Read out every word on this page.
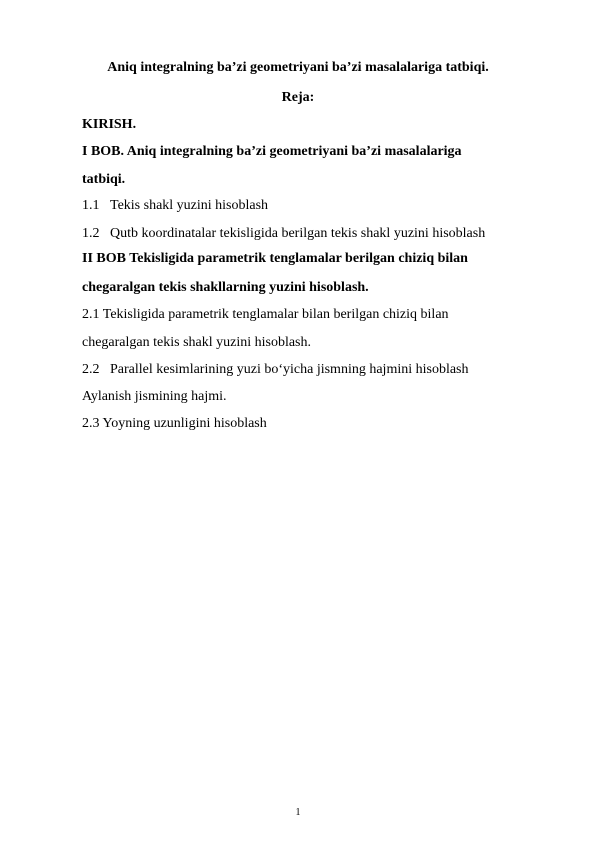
Aniq integralning ba’zi geometriyani ba’zi masalalariga tatbiqi.
Reja:
KIRISH.
I BOB. Aniq integralning ba’zi geometriyani ba’zi masalalariga
tatbiqi.
1.1 Tekis shakl yuzini hisoblash
1.2 Qutb koordinatalar tekisligida berilgan tekis shakl yuzini hisoblash
II BOB Tekisligida parametrik tenglamalar berilgan chiziq bilan
chegaralgan tekis shakllarning yuzini hisoblash.
2.1 Tekisligida parametrik tenglamalar bilan berilgan chiziq bilan
chegaralgan tekis shakl yuzini hisoblash.
2.2 Parallel kesimlarining yuzi bo‘yicha jismning hajmini hisoblash
Aylanish jismining hajmi.
2.3 Yoyning uzunligini hisoblash
1
